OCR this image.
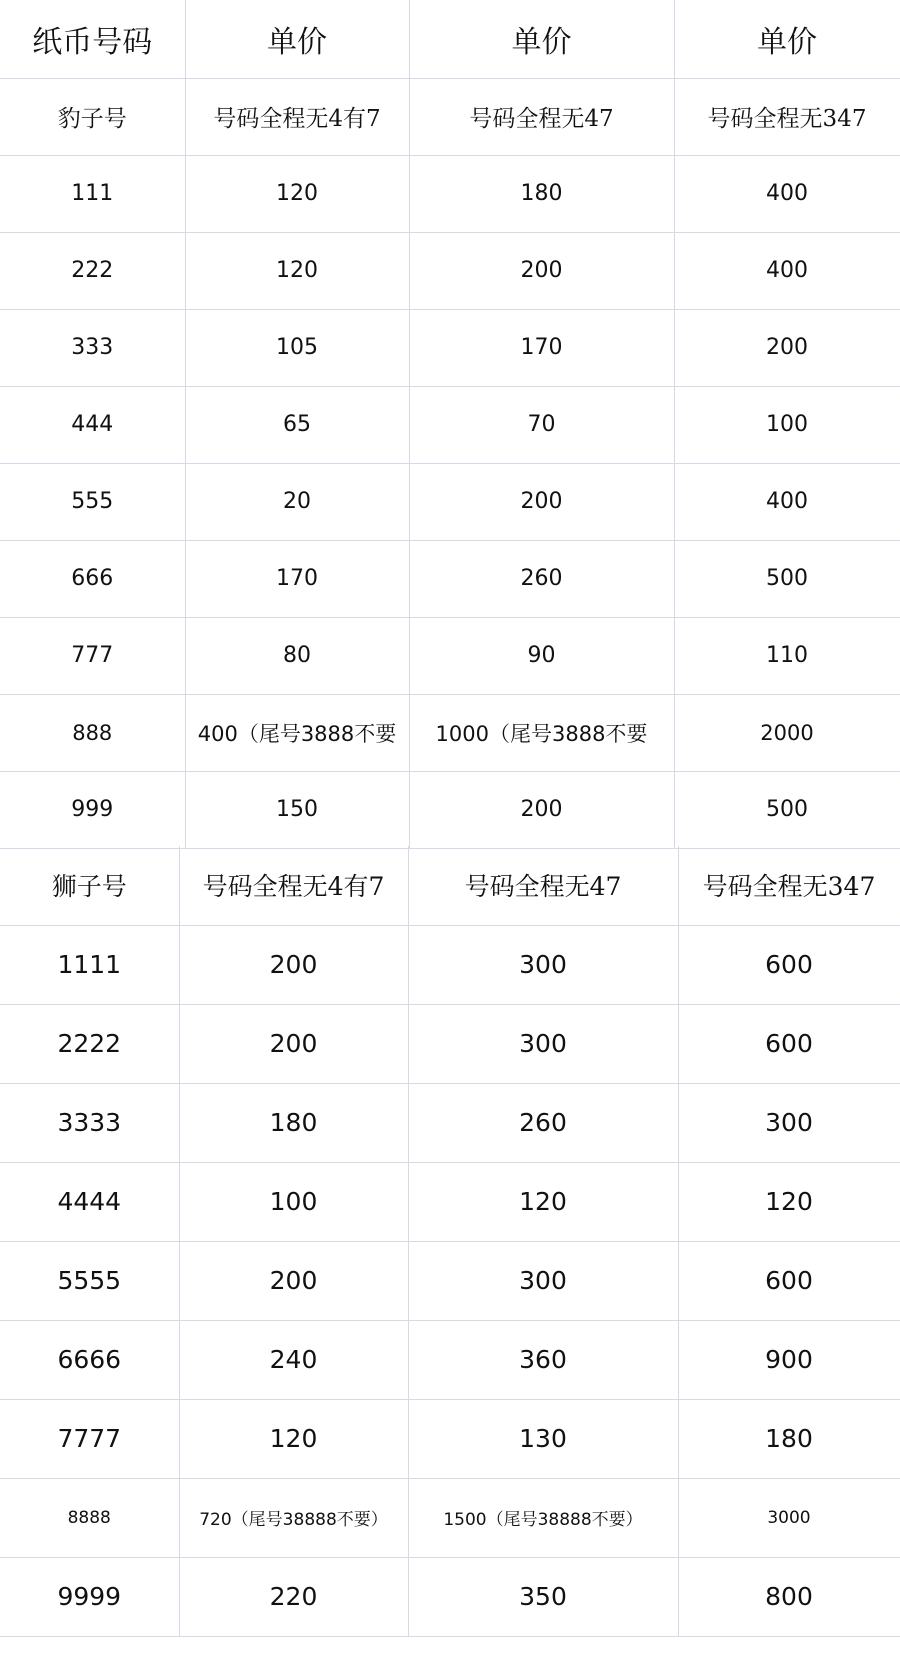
纸币号码	单价	单价	单价
豹子号	号码全程无4有7	号码全程无47	号码全程无347
111	120	180	400
222	120	200	400
333	105	170	200
444	65	70	100
555	20	200	400
666	170	260	500
777	80	90	110
888	400（尾号3888不要	1000（尾号3888不要	2000
999	150	200	500
狮子号	号码全程无4有7	号码全程无47	号码全程无347
1111	200	300	600
2222	200	300	600
3333	180	260	300
4444	100	120	120
5555	200	300	600
6666	240	360	900
7777	120	130	180
8888	720（尾号38888不要）	1500（尾号38888不要）	3000
9999	220	350	800
